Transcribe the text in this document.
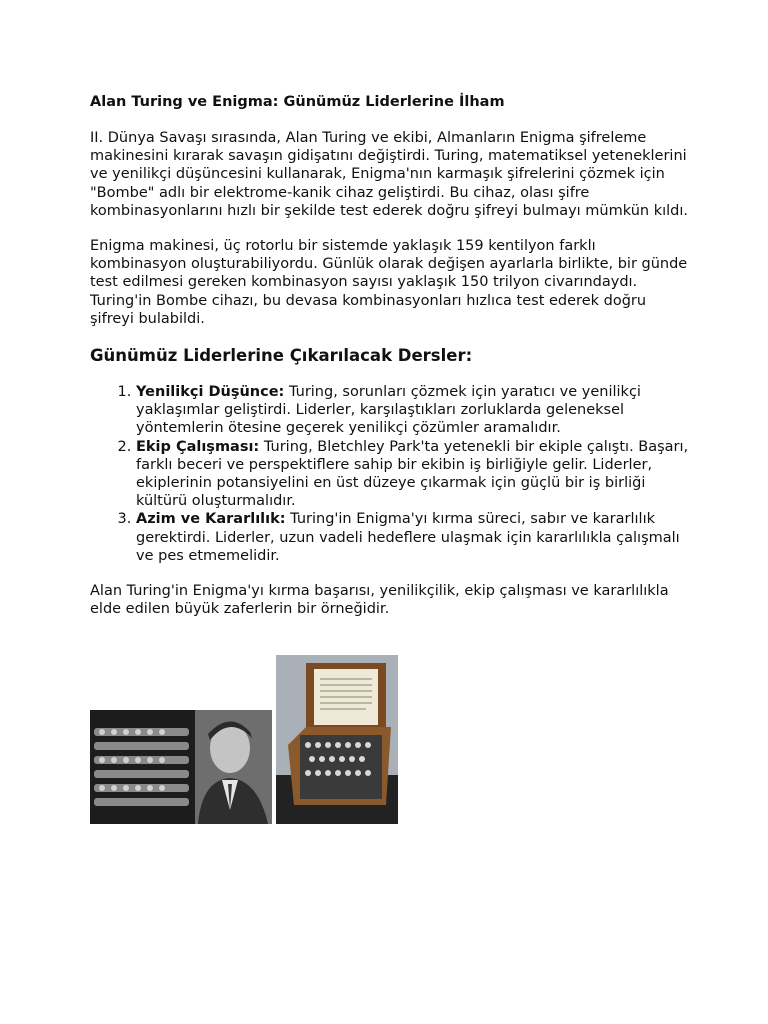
Alan Turing ve Enigma: Günümüz Liderlerine İlham

II. Dünya Savaşı sırasında, Alan Turing ve ekibi, Almanların Enigma şifreleme makinesini kırarak savaşın gidişatını değiştirdi. Turing, matematiksel yeteneklerini ve yenilikçi düşüncesini kullanarak, Enigma'nın karmaşık şifrelerini çözmek için "Bombe" adlı bir elektrome-kanik cihaz geliştirdi. Bu cihaz, olası şifre kombinasyonlarını hızlı bir şekilde test ederek doğru şifreyi bulmayı mümkün kıldı.

Enigma makinesi, üç rotorlu bir sistemde yaklaşık 159 kentilyon farklı kombinasyon oluşturabiliyordu. Günlük olarak değişen ayarlarla birlikte, bir günde test edilmesi gereken kombinasyon sayısı yaklaşık 150 trilyon civarındaydı. Turing'in Bombe cihazı, bu devasa kombinasyonları hızlıca test ederek doğru şifreyi bulabildi.

Günümüz Liderlerine Çıkarılacak Dersler:
1. Yenilikçi Düşünce: Turing, sorunları çözmek için yaratıcı ve yenilikçi yaklaşımlar geliştirdi. Liderler, karşılaştıkları zorluklarda geleneksel yöntemlerin ötesine geçerek yenilikçi çözümler aramalıdır.
2. Ekip Çalışması: Turing, Bletchley Park'ta yetenekli bir ekiple çalıştı. Başarı, farklı beceri ve perspektiflere sahip bir ekibin iş birliğiyle gelir. Liderler, ekiplerinin potansiyelini en üst düzeye çıkarmak için güçlü bir iş birliği kültürü oluşturmalıdır.
3. Azim ve Kararlılık: Turing'in Enigma'yı kırma süreci, sabır ve kararlılık gerektirdi. Liderler, uzun vadeli hedeflere ulaşmak için kararlılıkla çalışmalı ve pes etmemelidir.

Alan Turing'in Enigma'yı kırma başarısı, yenilikçilik, ekip çalışması ve kararlılıkla elde edilen büyük zaferlerin bir örneğidir.
